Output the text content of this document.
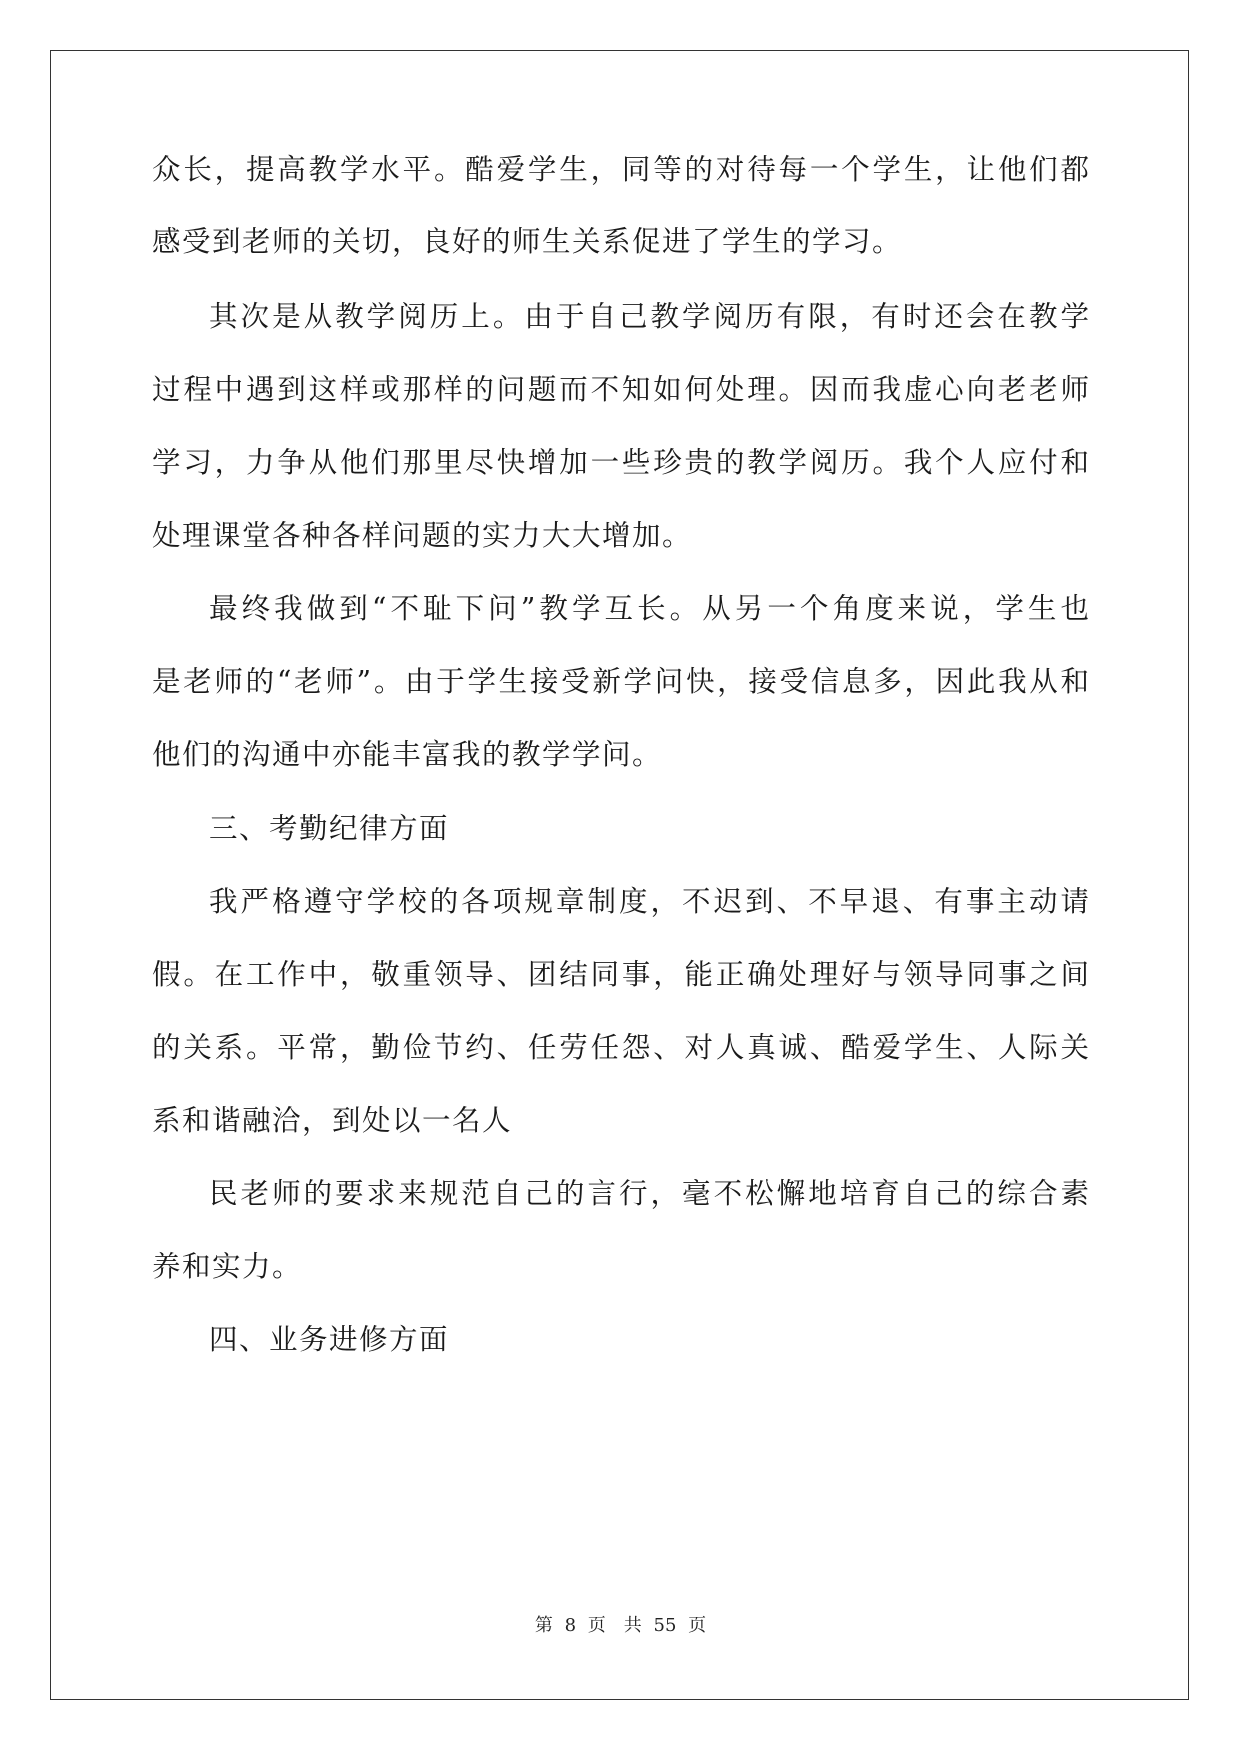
众长，提高教学水平。酷爱学生，同等的对待每一个学生，让他们都
感受到老师的关切，良好的师生关系促进了学生的学习。
其次是从教学阅历上。由于自己教学阅历有限，有时还会在教学
过程中遇到这样或那样的问题而不知如何处理。因而我虚心向老老师
学习，力争从他们那里尽快增加一些珍贵的教学阅历。我个人应付和
处理课堂各种各样问题的实力大大增加。
最终我做到“不耻下问”教学互长。从另一个角度来说，学生也
是老师的“老师”。由于学生接受新学问快，接受信息多，因此我从和
他们的沟通中亦能丰富我的教学学问。
三、考勤纪律方面
我严格遵守学校的各项规章制度，不迟到、不早退、有事主动请
假。在工作中，敬重领导、团结同事，能正确处理好与领导同事之间
的关系。平常，勤俭节约、任劳任怨、对人真诚、酷爱学生、人际关
系和谐融洽，到处以一名人
民老师的要求来规范自己的言行，毫不松懈地培育自己的综合素
养和实力。
四、业务进修方面
第 8 页　共 55 页
